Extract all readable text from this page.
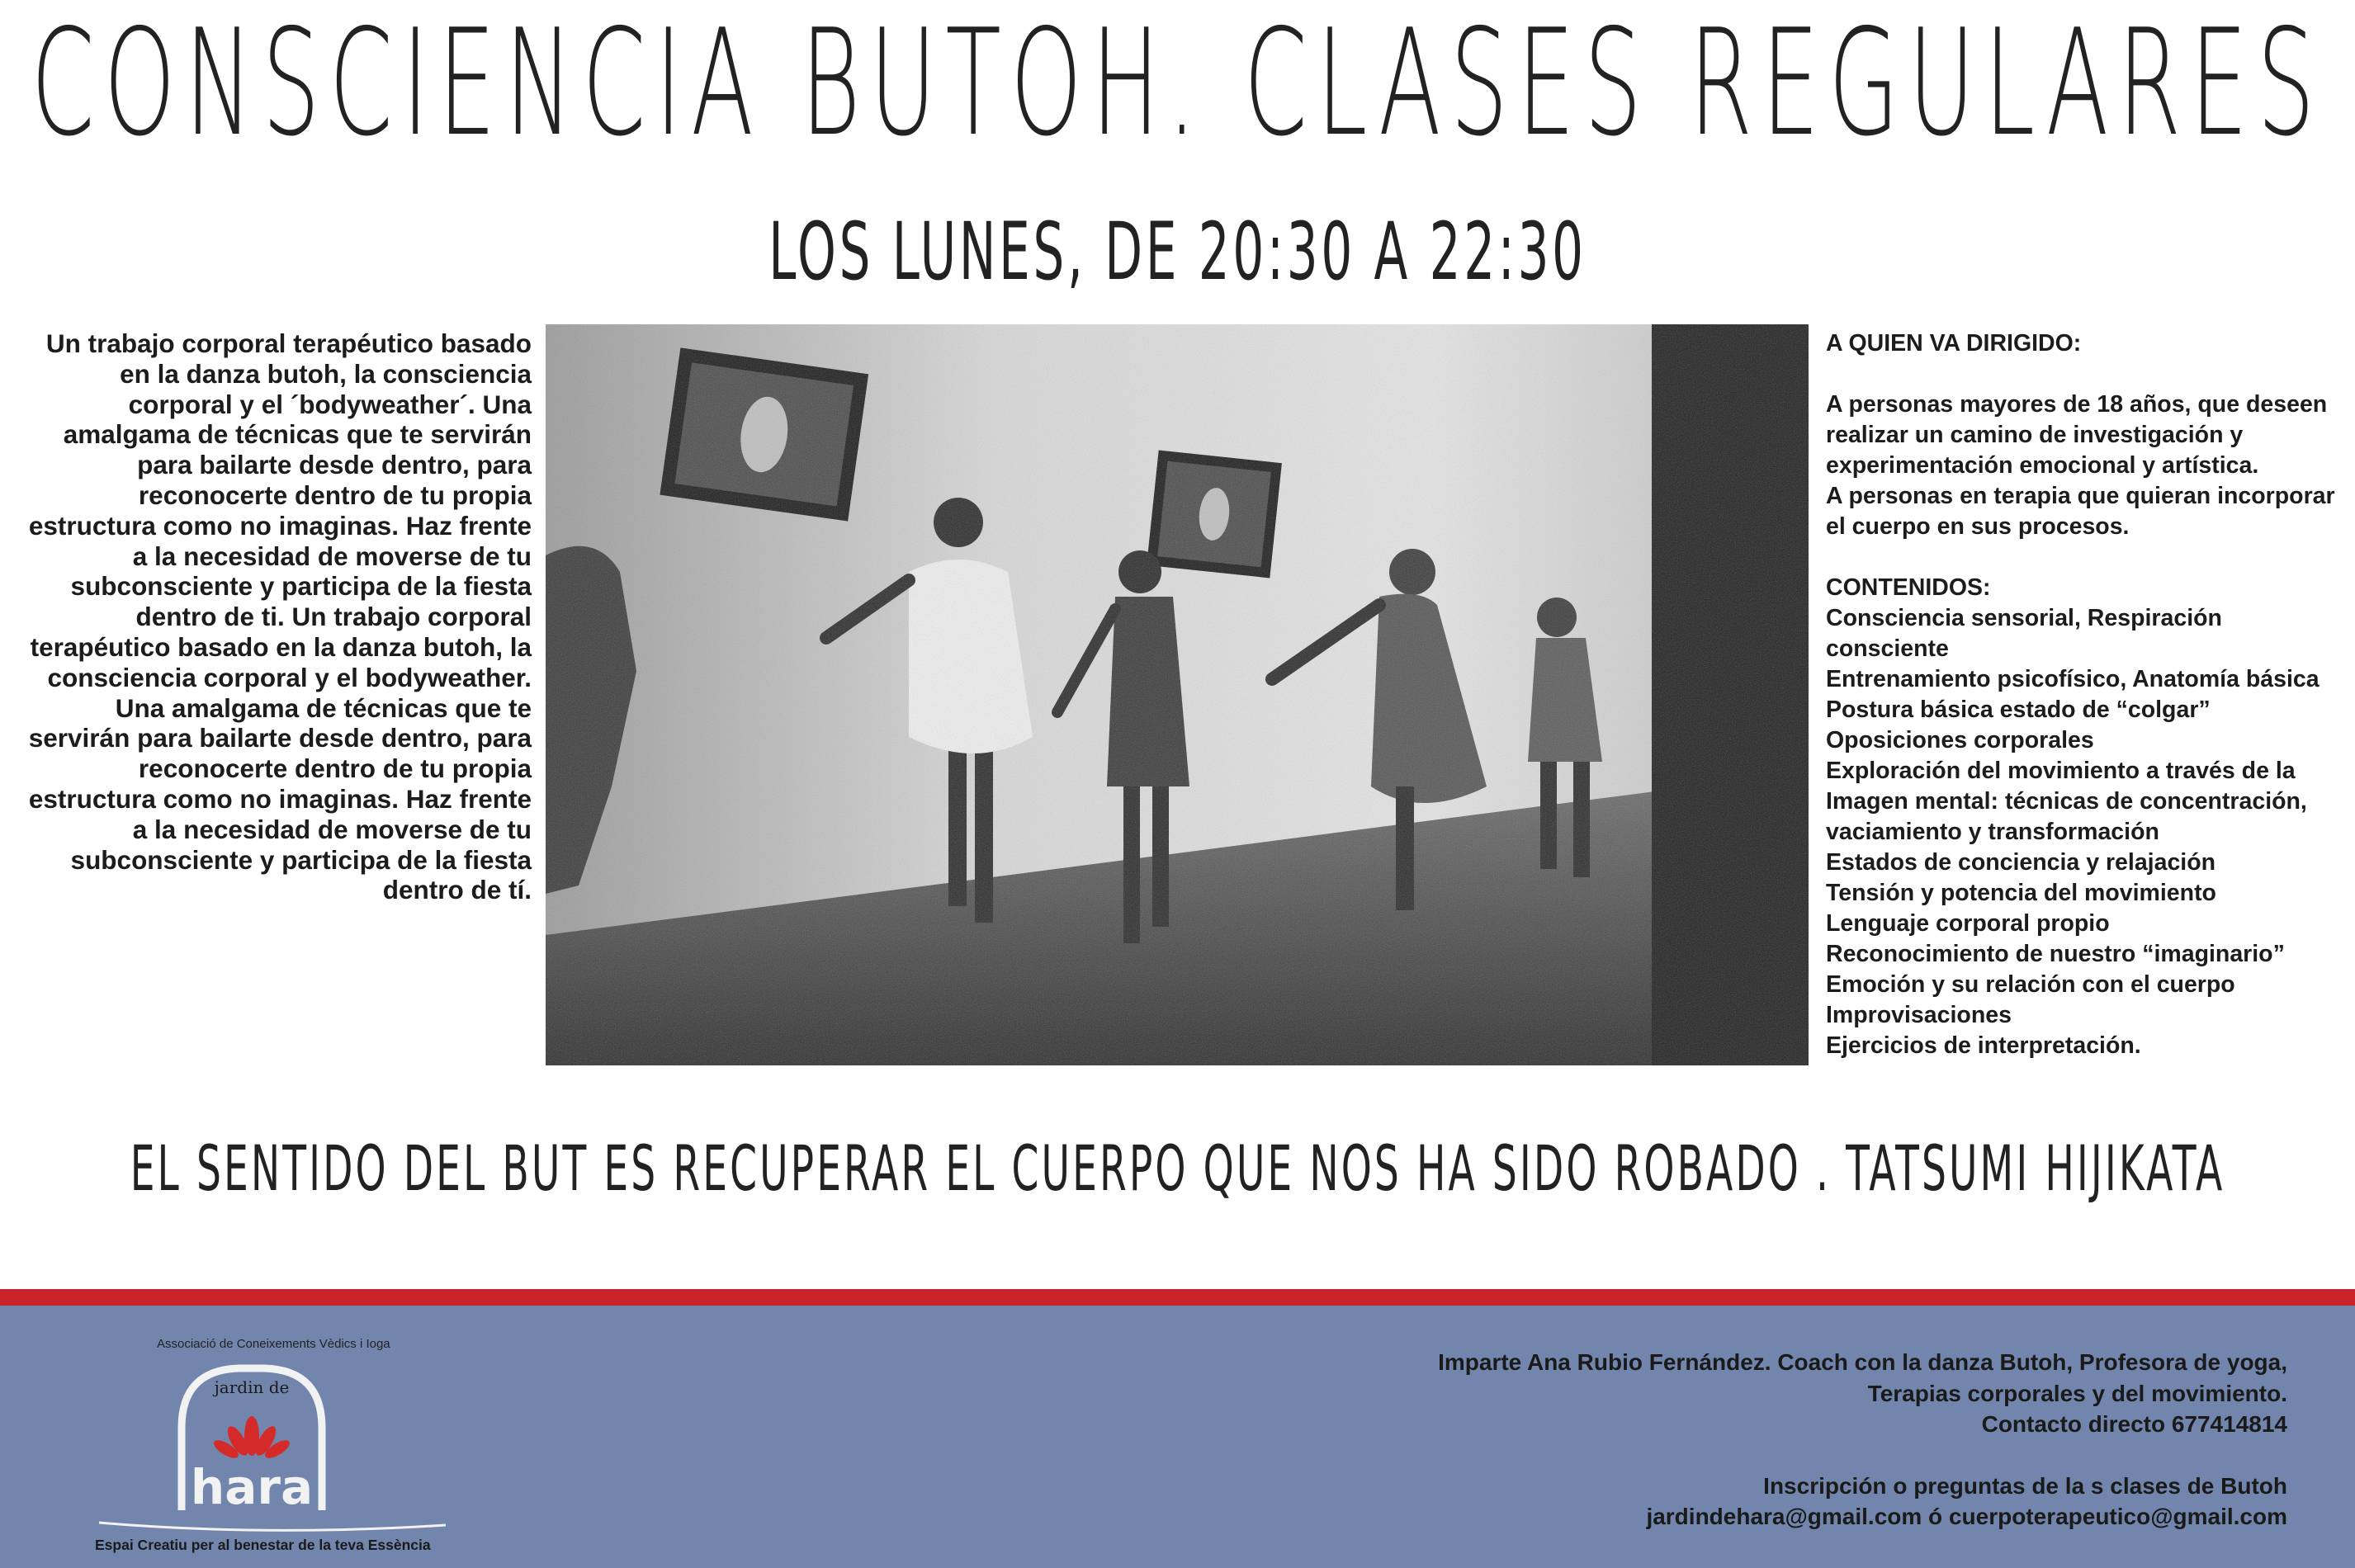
CONSCIENCIA BUTOH. CLASES REGULARES
LOS LUNES, DE 20:30 A 22:30
Un trabajo corporal terapéutico basado en la danza butoh, la consciencia corporal y el ´bodyweather´. Una amalgama de técnicas que te servirán para bailarte desde dentro, para reconocerte dentro de tu propia estructura como no imaginas. Haz frente a la necesidad de moverse de tu subconsciente y participa de la fiesta dentro de ti. Un trabajo corporal terapéutico basado en la danza butoh, la consciencia corporal y el bodyweather. Una amalgama de técnicas que te servirán para bailarte desde dentro, para reconocerte dentro de tu propia estructura como no imaginas. Haz frente a la necesidad de moverse de tu subconsciente y participa de la fiesta dentro de tí.

A QUIEN VA DIRIGIDO:

A personas mayores de 18 años, que deseen realizar un camino de investigación y experimentación emocional y artística.

A personas en terapia que quieran incorporar el cuerpo en sus procesos.

CONTENIDOS:

Consciencia sensorial, Respiración consciente

Entrenamiento psicofísico, Anatomía básica

Postura básica estado de “colgar”

Oposiciones corporales

Exploración del movimiento a través de la

Imagen mental: técnicas de concentración,

vaciamiento y transformación

Estados de conciencia y relajación

Tensión y potencia del movimiento

Lenguaje corporal propio

Reconocimiento de nuestro “imaginario”

Emoción y su relación con el cuerpo

Improvisaciones

Ejercicios de interpretación.

EL SENTIDO DEL BUT ES RECUPERAR EL CUERPO QUE NOS HA SIDO ROBADO . TATSUMI HIJIKATA
Associació de Coneixements Vèdics i Ioga
jardin de
hara
Espai Creatiu per al benestar de la teva Essència

Imparte Ana Rubio Fernández. Coach con la danza Butoh, Profesora de yoga,

Terapias corporales y del movimiento.

Contacto directo 677414814

Inscripción o preguntas de la s clases de Butoh

jardindehara@gmail.com ó cuerpoterapeutico@gmail.com
